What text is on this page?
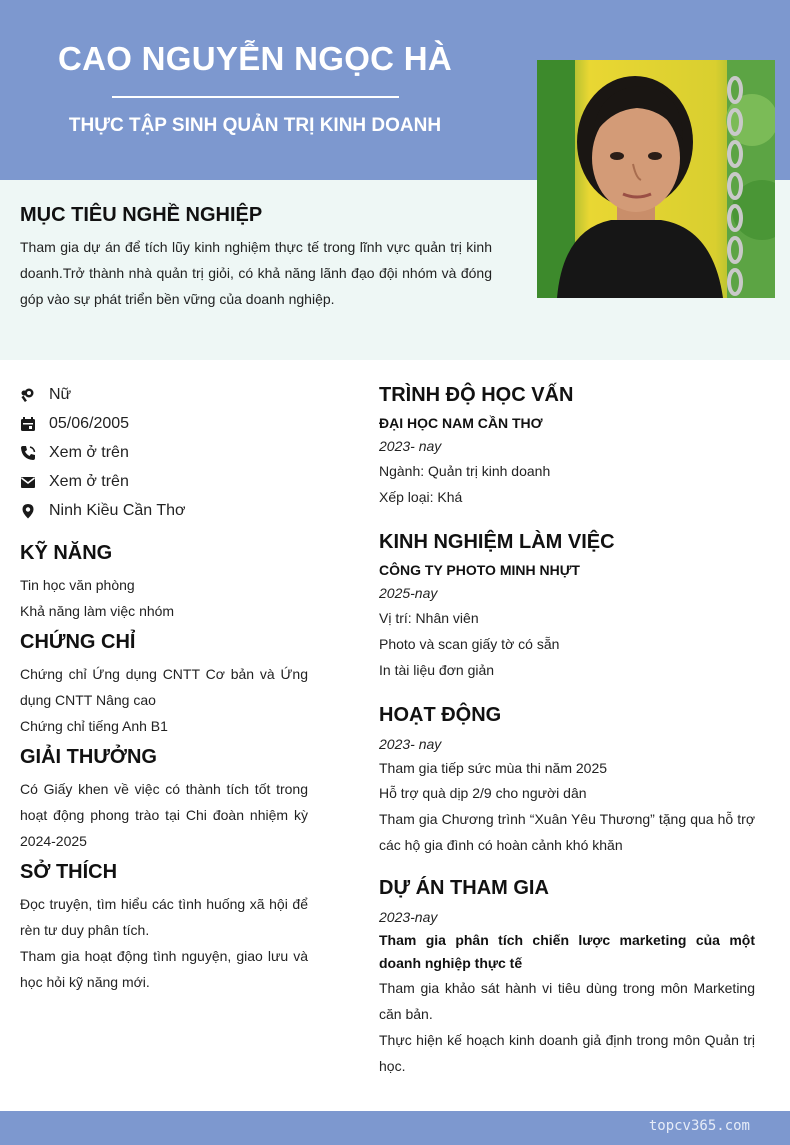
CAO NGUYỄN NGỌC HÀ
THỰC TẬP SINH QUẢN TRỊ KINH DOANH
MỤC TIÊU NGHỀ NGHIỆP
Tham gia dự án để tích lũy kinh nghiệm thực tế trong lĩnh vực quản trị kinh doanh.Trở thành nhà quản trị giỏi, có khả năng lãnh đạo đội nhóm và đóng góp vào sự phát triển bền vững của doanh nghiệp.
Nữ
05/06/2005
Xem ở trên
Xem ở trên
Ninh Kiều Cần Thơ
KỸ NĂNG
Tin học văn phòng
Khả năng làm việc nhóm
CHỨNG CHỈ
Chứng chỉ Ứng dụng CNTT Cơ bản và Ứng dụng CNTT Nâng cao
Chứng chỉ tiếng Anh B1
GIẢI THƯỞNG
Có Giấy khen về việc có thành tích tốt trong hoạt động phong trào tại Chi đoàn nhiệm kỳ 2024-2025
SỞ THÍCH
Đọc truyện, tìm hiểu các tình huống xã hội để rèn tư duy phân tích.
Tham gia hoạt động tình nguyện, giao lưu và học hỏi kỹ năng mới.
TRÌNH ĐỘ HỌC VẤN
ĐẠI HỌC NAM CẦN THƠ
2023- nay
Ngành: Quản trị kinh doanh
Xếp loại: Khá
KINH NGHIỆM LÀM VIỆC
CÔNG TY PHOTO MINH NHỰT
2025-nay
Vị trí: Nhân viên
Photo và scan giấy tờ có sẵn
In tài liệu đơn giản
HOẠT ĐỘNG
2023- nay
Tham gia tiếp sức mùa thi năm 2025
Hỗ trợ quà dịp 2/9 cho người dân
Tham gia Chương trình “Xuân Yêu Thương” tặng qua hỗ trợ các hộ gia đình có hoàn cảnh khó khăn
DỰ ÁN THAM GIA
2023-nay
Tham gia phân tích chiến lược marketing của một doanh nghiệp thực tế
Tham gia khảo sát hành vi tiêu dùng trong môn Marketing căn bản.
Thực hiện kế hoạch kinh doanh giả định trong môn Quản trị học.
topcv365.com
